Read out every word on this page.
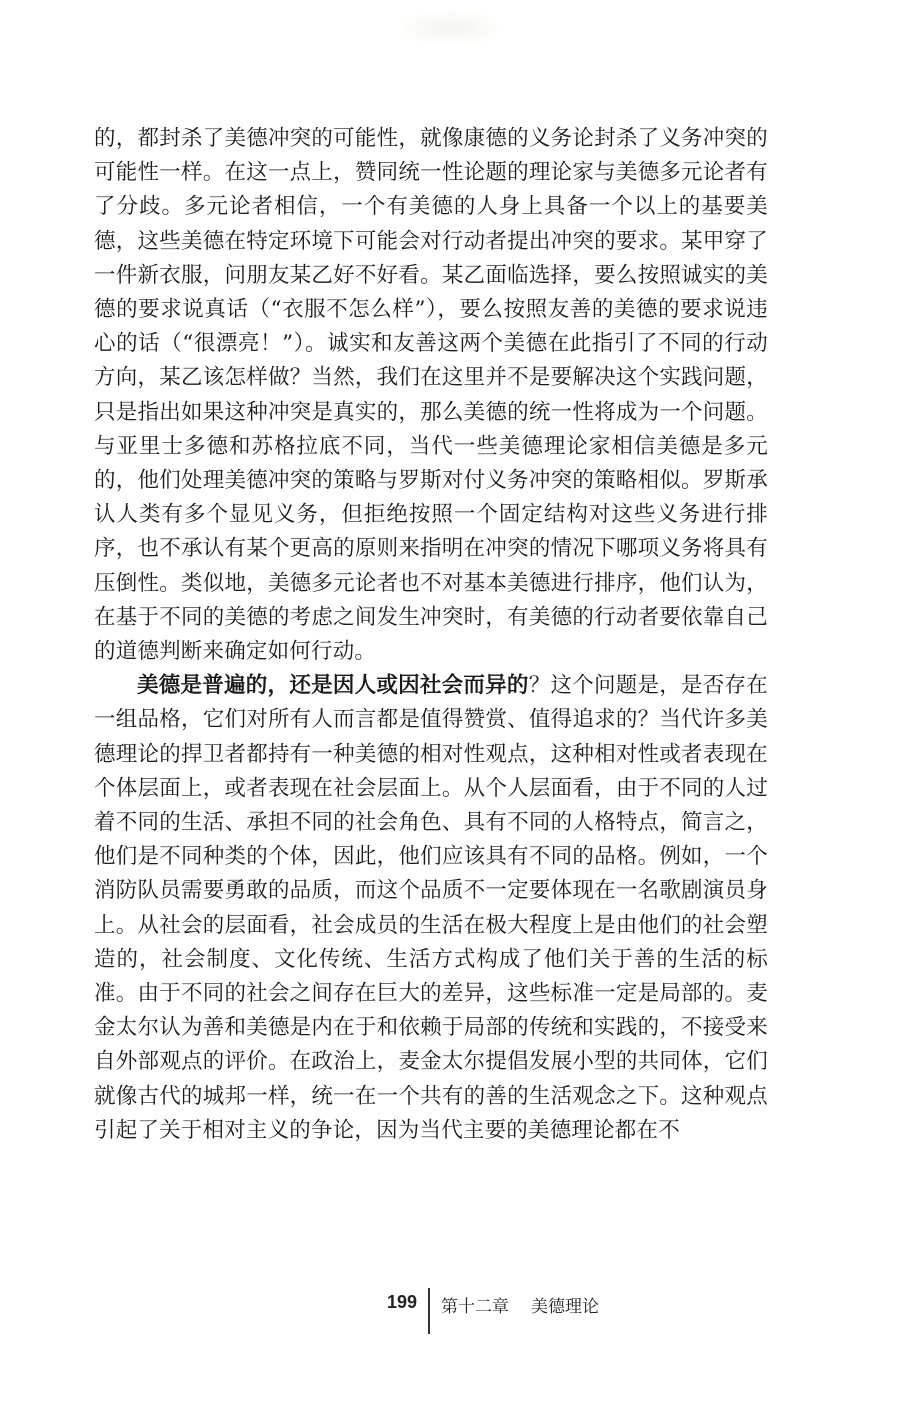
的，都封杀了美德冲突的可能性，就像康德的义务论封杀了义务冲突的可能性一样。在这一点上，赞同统一性论题的理论家与美德多元论者有了分歧。多元论者相信，一个有美德的人身上具备一个以上的基要美德，这些美德在特定环境下可能会对行动者提出冲突的要求。某甲穿了一件新衣服，问朋友某乙好不好看。某乙面临选择，要么按照诚实的美德的要求说真话（“衣服不怎么样”），要么按照友善的美德的要求说违心的话（“很漂亮！”）。诚实和友善这两个美德在此指引了不同的行动方向，某乙该怎样做？当然，我们在这里并不是要解决这个实践问题，只是指出如果这种冲突是真实的，那么美德的统一性将成为一个问题。与亚里士多德和苏格拉底不同，当代一些美德理论家相信美德是多元的，他们处理美德冲突的策略与罗斯对付义务冲突的策略相似。罗斯承认人类有多个显见义务，但拒绝按照一个固定结构对这些义务进行排序，也不承认有某个更高的原则来指明在冲突的情况下哪项义务将具有压倒性。类似地，美德多元论者也不对基本美德进行排序，他们认为，在基于不同的美德的考虑之间发生冲突时，有美德的行动者要依靠自己的道德判断来确定如何行动。

美德是普遍的，还是因人或因社会而异的？这个问题是，是否存在一组品格，它们对所有人而言都是值得赞赏、值得追求的？当代许多美德理论的捍卫者都持有一种美德的相对性观点，这种相对性或者表现在个体层面上，或者表现在社会层面上。从个人层面看，由于不同的人过着不同的生活、承担不同的社会角色、具有不同的人格特点，简言之，他们是不同种类的个体，因此，他们应该具有不同的品格。例如，一个消防队员需要勇敢的品质，而这个品质不一定要体现在一名歌剧演员身上。从社会的层面看，社会成员的生活在极大程度上是由他们的社会塑造的，社会制度、文化传统、生活方式构成了他们关于善的生活的标准。由于不同的社会之间存在巨大的差异，这些标准一定是局部的。麦金太尔认为善和美德是内在于和依赖于局部的传统和实践的，不接受来自外部观点的评价。在政治上，麦金太尔提倡发展小型的共同体，它们就像古代的城邦一样，统一在一个共有的善的生活观念之下。这种观点引起了关于相对主义的争论，因为当代主要的美德理论都在不

199 第十二章 美德理论
